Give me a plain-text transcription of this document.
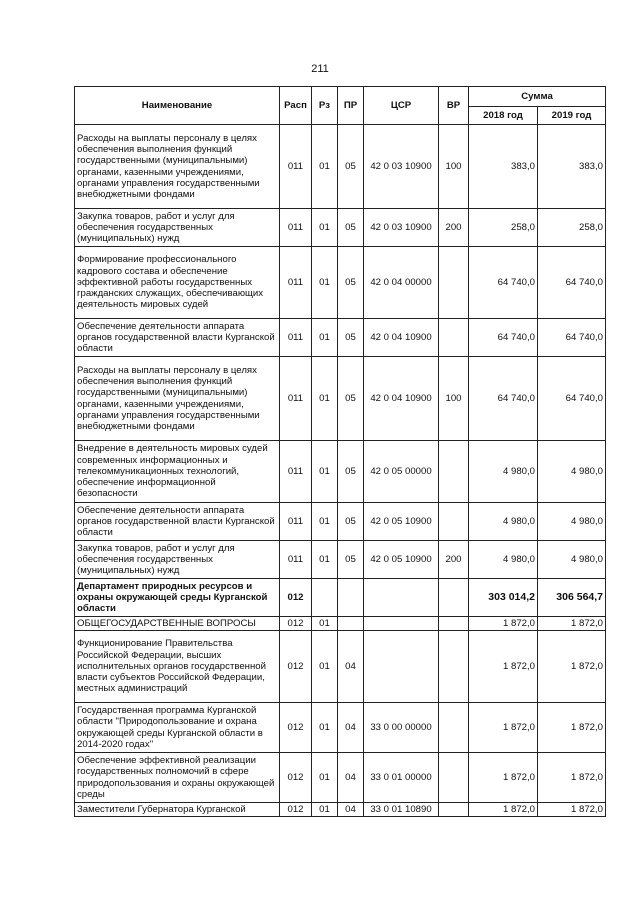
211
Наименование	Расп	Рз	ПР	ЦСР	ВР	Сумма	
						2018 год	2019 год
Расходы на выплаты персоналу в целях обеспечения выполнения функций государственными (муниципальными) органами, казенными учреждениями, органами управления государственными внебюджетными фондами	011	01	05	42 0 03 10900	100	383,0	383,0
Закупка товаров, работ и услуг для обеспечения государственных (муниципальных) нужд	011	01	05	42 0 03 10900	200	258,0	258,0
Формирование профессионального кадрового состава и обеспечение эффективной работы государственных гражданских служащих, обеспечивающих деятельность мировых судей	011	01	05	42 0 04 00000		64 740,0	64 740,0
Обеспечение деятельности аппарата органов государственной власти Курганской области	011	01	05	42 0 04 10900		64 740,0	64 740,0
Расходы на выплаты персоналу в целях обеспечения выполнения функций государственными (муниципальными) органами, казенными учреждениями, органами управления государственными внебюджетными фондами	011	01	05	42 0 04 10900	100	64 740,0	64 740,0
Внедрение в деятельность мировых судей современных информационных и телекоммуникационных технологий, обеспечение информационной безопасности	011	01	05	42 0 05 00000		4 980,0	4 980,0
Обеспечение деятельности аппарата органов государственной власти Курганской области	011	01	05	42 0 05 10900		4 980,0	4 980,0
Закупка товаров, работ и услуг для обеспечения государственных (муниципальных) нужд	011	01	05	42 0 05 10900	200	4 980,0	4 980,0
Департамент природных ресурсов и охраны окружающей среды Курганской области	012					303 014,2	306 564,7
ОБЩЕГОСУДАРСТВЕННЫЕ ВОПРОСЫ	012	01				1 872,0	1 872,0
Функционирование Правительства Российской Федерации, высших исполнительных органов государственной власти субъектов Российской Федерации, местных администраций	012	01	04			1 872,0	1 872,0
Государственная программа Курганской области "Природопользование и охрана окружающей среды Курганской области в 2014-2020 годах"	012	01	04	33 0 00 00000		1 872,0	1 872,0
Обеспечение эффективной реализации государственных полномочий в сфере природопользования и охраны окружающей среды	012	01	04	33 0 01 00000		1 872,0	1 872,0
Заместители Губернатора Курганской	012	01	04	33 0 01 10890		1 872,0	1 872,0
